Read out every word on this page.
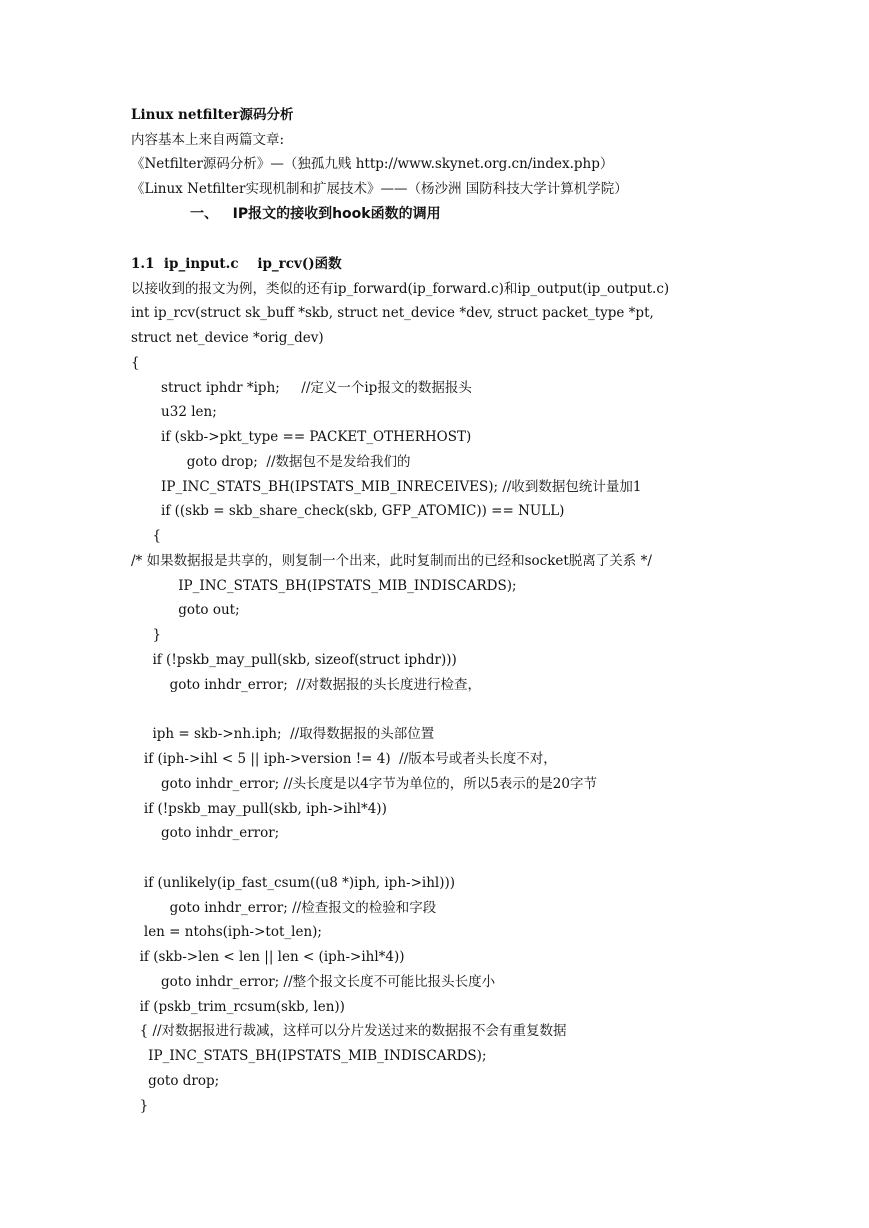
Linux netfilter源码分析
内容基本上来自两篇文章:
《Netfilter源码分析》—（独孤九贱 http://www.skynet.org.cn/index.php）
《Linux Netfilter实现机制和扩展技术》——（杨沙洲 国防科技大学计算机学院）
一、   IP报文的接收到hook函数的调用
1.1  ip_input.c    ip_rcv()函数
以接收到的报文为例，类似的还有ip_forward(ip_forward.c)和ip_output(ip_output.c)
int ip_rcv(struct sk_buff *skb, struct net_device *dev, struct packet_type *pt,
struct net_device *orig_dev)
{
struct iphdr *iph;     //定义一个ip报文的数据报头
u32 len;
if (skb->pkt_type == PACKET_OTHERHOST)
goto drop;  //数据包不是发给我们的
IP_INC_STATS_BH(IPSTATS_MIB_INRECEIVES); //收到数据包统计量加1
if ((skb = skb_share_check(skb, GFP_ATOMIC)) == NULL)
{
/* 如果数据报是共享的，则复制一个出来，此时复制而出的已经和socket脱离了关系 */
IP_INC_STATS_BH(IPSTATS_MIB_INDISCARDS);
goto out;
}
if (!pskb_may_pull(skb, sizeof(struct iphdr)))
goto inhdr_error;  //对数据报的头长度进行检查，
iph = skb->nh.iph;  //取得数据报的头部位置
if (iph->ihl < 5 || iph->version != 4)  //版本号或者头长度不对，
goto inhdr_error; //头长度是以4字节为单位的，所以5表示的是20字节
if (!pskb_may_pull(skb, iph->ihl*4))
goto inhdr_error;
if (unlikely(ip_fast_csum((u8 *)iph, iph->ihl)))
goto inhdr_error; //检查报文的检验和字段
len = ntohs(iph->tot_len);
if (skb->len < len || len < (iph->ihl*4))
goto inhdr_error; //整个报文长度不可能比报头长度小
if (pskb_trim_rcsum(skb, len))
{ //对数据报进行裁减，这样可以分片发送过来的数据报不会有重复数据
IP_INC_STATS_BH(IPSTATS_MIB_INDISCARDS);
goto drop;
}
